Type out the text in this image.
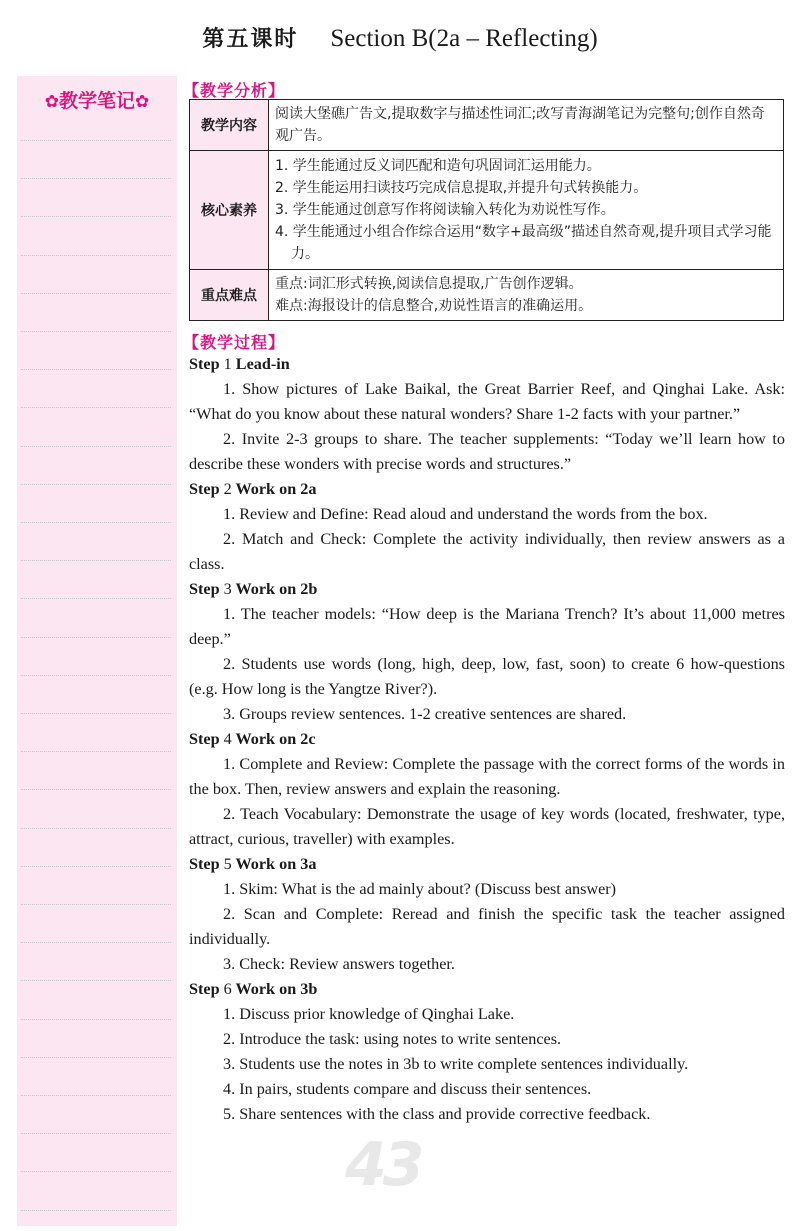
第五课时 Section B(2a – Reflecting)
✿教学笔记✿
【教学分析】
教学内容	阅读大堡礁广告文,提取数字与描述性词汇;改写青海湖笔记为完整句;创作自然奇观广告。

核心素养	1. 学生能通过反义词匹配和造句巩固词汇运用能力。
2. 学生能运用扫读技巧完成信息提取,并提升句式转换能力。
3. 学生能通过创意写作将阅读输入转化为劝说性写作。
4. 学生能通过小组合作综合运用“数字+最高级”描述自然奇观,提升项目式学习能力。

重点难点	重点:词汇形式转换,阅读信息提取,广告创作逻辑。
难点:海报设计的信息整合,劝说性语言的准确运用。
【教学过程】
Step 1 Lead-in

1. Show pictures of Lake Baikal, the Great Barrier Reef, and Qinghai Lake. Ask: “What do you know about these natural wonders? Share 1-2 facts with your partner.”

2. Invite 2-3 groups to share. The teacher supplements: “Today we’ll learn how to describe these wonders with precise words and structures.”

Step 2 Work on 2a

1. Review and Define: Read aloud and understand the words from the box.

2. Match and Check: Complete the activity individually, then review answers as a class.

Step 3 Work on 2b

1. The teacher models: “How deep is the Mariana Trench? It’s about 11,000 metres deep.”

2. Students use words (long, high, deep, low, fast, soon) to create 6 how-questions (e.g. How long is the Yangtze River?).

3. Groups review sentences. 1-2 creative sentences are shared.

Step 4 Work on 2c

1. Complete and Review: Complete the passage with the correct forms of the words in the box. Then, review answers and explain the reasoning.

2. Teach Vocabulary: Demonstrate the usage of key words (located, freshwater, type, attract, curious, traveller) with examples.

Step 5 Work on 3a

1. Skim: What is the ad mainly about? (Discuss best answer)

2. Scan and Complete: Reread and finish the specific task the teacher assigned individually.

3. Check: Review answers together.

Step 6 Work on 3b

1. Discuss prior knowledge of Qinghai Lake.

2. Introduce the task: using notes to write sentences.

3. Students use the notes in 3b to write complete sentences individually.

4. In pairs, students compare and discuss their sentences.

5. Share sentences with the class and provide corrective feedback.

43
